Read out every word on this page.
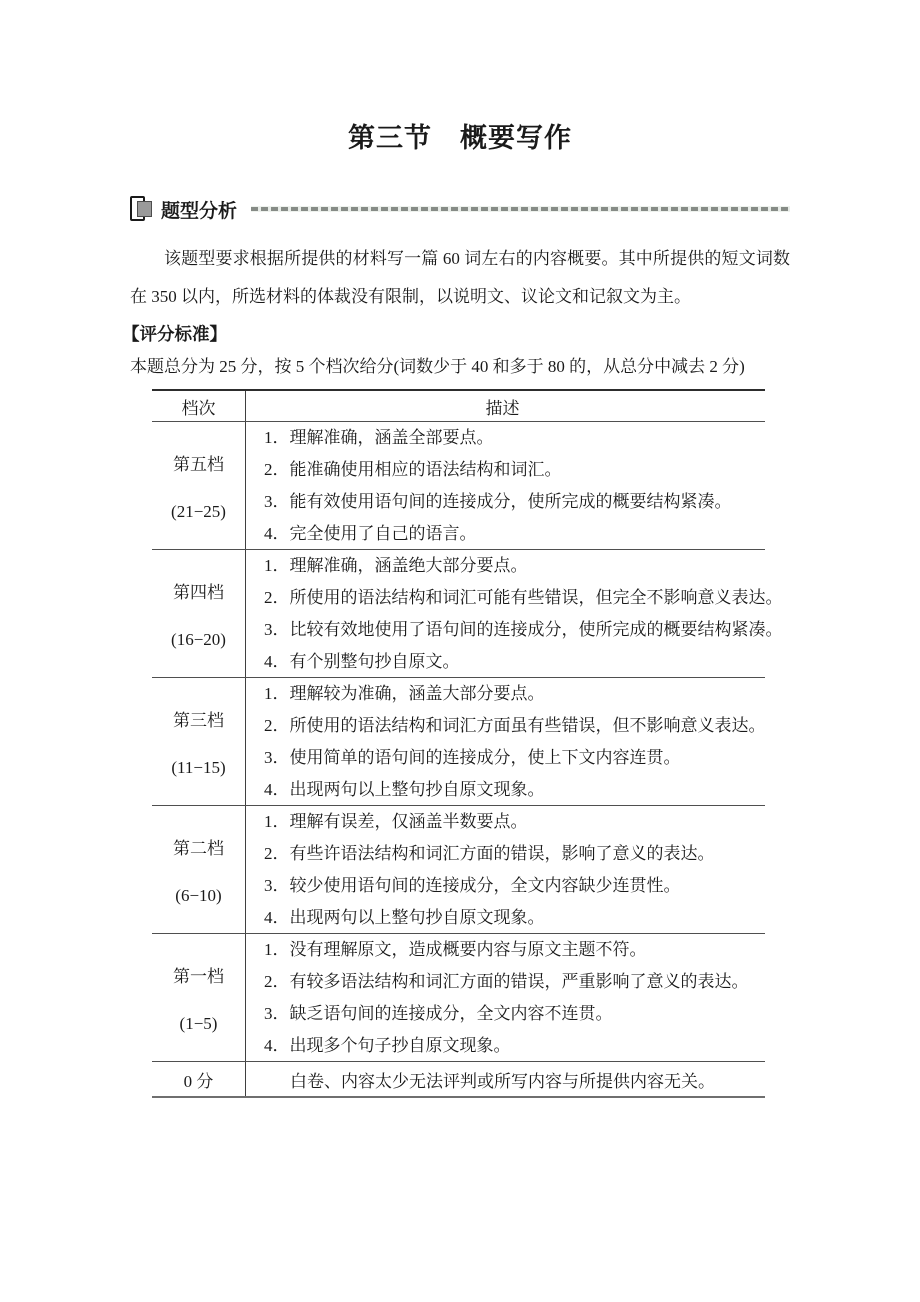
第三节　概要写作
题型分析

该题型要求根据所提供的材料写一篇 60 词左右的内容概要。其中所提供的短文词数在 350 以内，所选材料的体裁没有限制，以说明文、议论文和记叙文为主。

【评分标准】
本题总分为 25 分，按 5 个档次给分(词数少于 40 和多于 80 的，从总分中减去 2 分)
档次	描述
第五档
(21−25)
1．理解准确，涵盖全部要点。
2．能准确使用相应的语法结构和词汇。
3．能有效使用语句间的连接成分，使所完成的概要结构紧凑。
4．完全使用了自己的语言。
第四档
(16−20)
1．理解准确，涵盖绝大部分要点。
2．所使用的语法结构和词汇可能有些错误，但完全不影响意义表达。
3．比较有效地使用了语句间的连接成分，使所完成的概要结构紧凑。
4．有个别整句抄自原文。
第三档
(11−15)
1．理解较为准确，涵盖大部分要点。
2．所使用的语法结构和词汇方面虽有些错误，但不影响意义表达。
3．使用简单的语句间的连接成分，使上下文内容连贯。
4．出现两句以上整句抄自原文现象。
第二档
(6−10)
1．理解有误差，仅涵盖半数要点。
2．有些许语法结构和词汇方面的错误，影响了意义的表达。
3．较少使用语句间的连接成分，全文内容缺少连贯性。
4．出现两句以上整句抄自原文现象。
第一档
(1−5)
1．没有理解原文，造成概要内容与原文主题不符。
2．有较多语法结构和词汇方面的错误，严重影响了意义的表达。
3．缺乏语句间的连接成分，全文内容不连贯。
4．出现多个句子抄自原文现象。
0 分	白卷、内容太少无法评判或所写内容与所提供内容无关。
